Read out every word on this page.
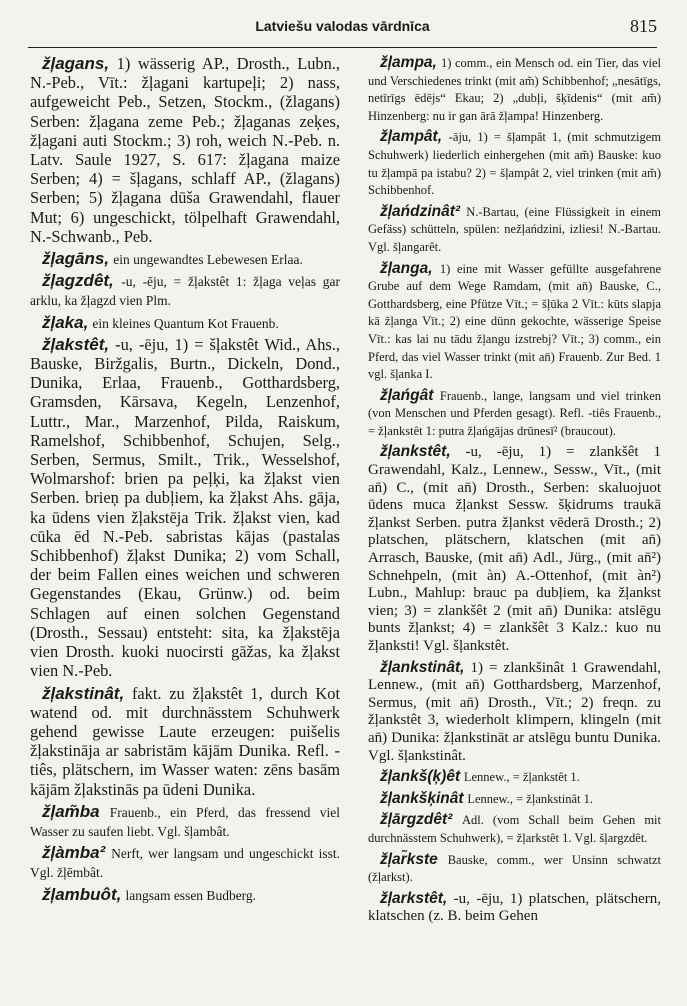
Latviešu valodas vārdnīca	815

žļagans, 1) wässerig AP., Drosth., Lubn., N.-Peb., Vīt.: žļagani kartupeļi; 2) nass, aufgeweicht Peb., Setzen, Stockm., (žlagans) Serben: žļagana zeme Peb.; žļaganas zeķes, žļagani auti Stockm.; 3) roh, weich N.-Peb. n. Latv. Saule 1927, S. 617: žļagana maize Serben; 4) = šļagans, schlaff AP., (žlagans) Serben; 5) žļagana dūša Grawendahl, flauer Mut; 6) ungeschickt, tölpelhaft Grawendahl, N.-Schwanb., Peb.

žļagāns, ein ungewandtes Lebewesen Erlaa.

žļagzdêt, -u, -ēju, = žļakstêt 1: žļaga veļas gar arklu, ka žļagzd vien Plm.

žļaka, ein kleines Quantum Kot Frauenb.

žļakstêt, -u, -ēju, 1) = šļakstêt Wid., Ahs., Bauske, Biržgalis, Burtn., Dickeln, Dond., Dunika, Erlaa, Frauenb., Gotthardsberg, Gramsden, Kārsava, Kegeln, Lenzenhof, Luttr., Mar., Marzenhof, Pilda, Raiskum, Ramelshof, Schibbenhof, Schujen, Selg., Serben, Sermus, Smilt., Trik., Wesselshof, Wolmarshof: brien pa peļķi, ka žļakst vien Serben. brieņ pa dubļiem, ka žļakst Ahs. gāja, ka ūdens vien žļakstēja Trik. žļakst vien, kad cūka ēd N.-Peb. sabristas kājas (pastalas Schibbenhof) žļakst Dunika; 2) vom Schall, der beim Fallen eines weichen und schweren Gegenstandes (Ekau, Grünw.) od. beim Schlagen auf einen solchen Gegenstand (Drosth., Sessau) entsteht: sita, ka žļakstēja vien Drosth. kuoki nuocirsti gāžas, ka žļakst vien N.-Peb.

žļakstinât, fakt. zu žļakstêt 1, durch Kot watend od. mit durchnässtem Schuhwerk gehend gewisse Laute erzeugen: puišelis žļakstināja ar sabristām kājām Dunika. Refl. -tiês, plätschern, im Wasser waten: zēns basām kājām žļakstinās pa ūdeni Dunika.

žļam̃ba Frauenb., ein Pferd, das fressend viel Wasser zu saufen liebt. Vgl. šļambât.

žļàmba² Nerft, wer langsam und ungeschickt isst. Vgl. žļēmbât.

žļambuôt, langsam essen Budberg.

žļampa, 1) comm., ein Mensch od. ein Tier, das viel und Verschiedenes trinkt (mit am̃) Schibbenhof; „nesātīgs, netīrīgs ēdējs“ Ekau; 2) „dubļi, šķīdenis“ (mit am̃) Hinzenberg: nu ir gan ārā žļampa! Hinzenberg.

žļampât, -āju, 1) = šļampât 1, (mit schmutzigem Schuhwerk) liederlich einhergehen (mit am̃) Bauske: kuo tu žļampā pa istabu? 2) = šļampât 2, viel trinken (mit am̃) Schibbenhof.

žļańdzinât² N.-Bartau, (eine Flüssigkeit in einem Gefäss) schütteln, spülen: nežļańdzini, izliesi! N.-Bartau. Vgl. šļangarêt.

žļanga, 1) eine mit Wasser gefüllte ausgefahrene Grube auf dem Wege Ramdam, (mit an̄) Bauske, C., Gotthardsberg, eine Pfütze Vīt.; = šļūka 2 Vīt.: kūts slapja kā žļanga Vīt.; 2) eine dünn gekochte, wässerige Speise Vīt.: kas lai nu tādu žļangu izstrebj? Vīt.; 3) comm., ein Pferd, das viel Wasser trinkt (mit an̄) Frauenb. Zur Bed. 1 vgl. šļanka I.

žļańgât Frauenb., lange, langsam und viel trinken (von Menschen und Pferden gesagt). Refl. -tiês Frauenb., = žļankstêt 1: putra žļańgājas drūnesī² (braucout).

žļankstêt, -u, -ēju, 1) = zlankšêt 1 Grawendahl, Kalz., Lennew., Sessw., Vīt., (mit an̄) C., (mit an̄) Drosth., Serben: skaluojuot ūdens muca žļankst Sessw. šķidrums traukā žļankst Serben. putra žļankst vēderā Drosth.; 2) platschen, plätschern, klatschen (mit an̄) Arrasch, Bauske, (mit an̄) Adl., Jürg., (mit an̄²) Schnehpeln, (mit àn) A.-Ottenhof, (mit àn²) Lubn., Mahlup: brauc pa dubļiem, ka žļankst vien; 3) = zlankšêt 2 (mit an̄) Dunika: atslēgu bunts žļankst; 4) = zlankšêt 3 Kalz.: kuo nu žļanksti! Vgl. šļankstêt.

žļankstinât, 1) = zlankšinât 1 Grawendahl, Lennew., (mit an̄) Gotthardsberg, Marzenhof, Sermus, (mit an̄) Drosth., Vīt.; 2) freqn. zu žļankstêt 3, wiederholt klimpern, klingeln (mit an̄) Dunika: žļankstināt ar atslēgu buntu Dunika. Vgl. šļankstinât.

žļankš(ķ)êt Lennew., = žļankstêt 1.

žļankšķinât Lennew., = žļankstinât 1.

žļārgzdêt² Adl. (vom Schall beim Gehen mit durchnässtem Schuhwerk), = žļarkstêt 1. Vgl. šļargzdêt.

žļar̃kste Bauske, comm., wer Unsinn schwatzt (žļarkst).

žļarkstêt, -u, -ēju, 1) platschen, plätschern, klatschen (z. B. beim Gehen
